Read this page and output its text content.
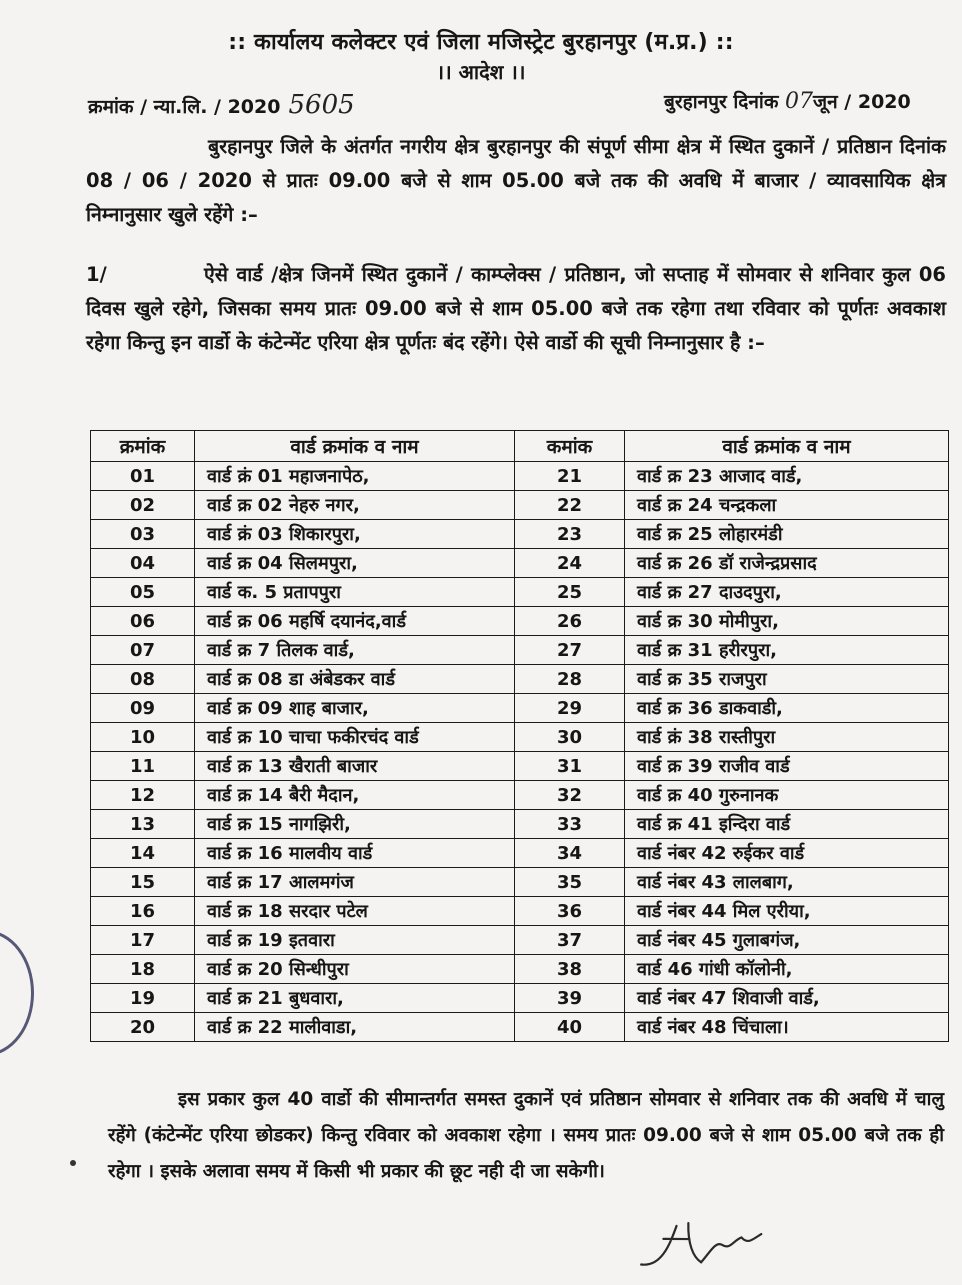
:: कार्यालय कलेक्टर एवं जिला मजिस्ट्रेट बुरहानपुर (म.प्र.) ::
।। आदेश ।।
क्रमांक / न्या.लि. / 2020 5605	बुरहानपुर दिनांक 07जून / 2020
बुरहानपुर जिले के अंतर्गत नगरीय क्षेत्र बुरहानपुर की संपूर्ण सीमा क्षेत्र में स्थित दुकानें / प्रतिष्ठान दिनांक 08 / 06 / 2020 से प्रातः 09.00 बजे से शाम 05.00 बजे तक की अवधि में बाजार / व्यावसायिक क्षेत्र निम्नानुसार खुले रहेंगे :–
1/	ऐसे वार्ड /क्षेत्र जिनमें स्थित दुकानें / काम्प्लेक्स / प्रतिष्ठान, जो सप्ताह में सोमवार से शनिवार कुल 06 दिवस खुले रहेगे, जिसका समय प्रातः 09.00 बजे से शाम 05.00 बजे तक रहेगा तथा रविवार को पूर्णतः अवकाश रहेगा किन्तु इन वार्डो के कंटेन्मेंट एरिया क्षेत्र पूर्णतः बंद रहेंगे। ऐसे वार्डो की सूची निम्नानुसार है :–
क्रमांक	वार्ड क्रमांक व नाम	कमांक	वार्ड क्रमांक व नाम
01	वार्ड क्रं 01 महाजनापेठ,	21	वार्ड क्र 23 आजाद वार्ड,
02	वार्ड क्र 02 नेहरु नगर,	22	वार्ड क्र 24 चन्द्रकला
03	वार्ड क्रं 03 शिकारपुरा,	23	वार्ड क्र 25 लोहारमंडी
04	वार्ड क्र 04 सिलमपुरा,	24	वार्ड क्र 26 डॉ राजेन्द्रप्रसाद
05	वार्ड क. 5 प्रतापपुरा	25	वार्ड क्र 27 दाउदपुरा,
06	वार्ड क्र 06 महर्षि दयानंद,वार्ड	26	वार्ड क्र 30 मोमीपुरा,
07	वार्ड क्र 7 तिलक वार्ड,	27	वार्ड क्र 31 हरीरपुरा,
08	वार्ड क्र 08 डा अंबेडकर वार्ड	28	वार्ड क्र 35 राजपुरा
09	वार्ड क्र 09 शाह बाजार,	29	वार्ड क्र 36 डाकवाडी,
10	वार्ड क्र 10 चाचा फकीरचंद वार्ड	30	वार्ड क्रं 38 रास्तीपुरा
11	वार्ड क्र 13 खैराती बाजार	31	वार्ड क्र 39 राजीव वार्ड
12	वार्ड क्र 14 बैरी मैदान,	32	वार्ड क्र 40 गुरुनानक
13	वार्ड क्र 15 नागझिरी,	33	वार्ड क्र 41 इन्दिरा वार्ड
14	वार्ड क्र 16 मालवीय वार्ड	34	वार्ड नंबर 42 रुईकर वार्ड
15	वार्ड क्र 17 आलमगंज	35	वार्ड नंबर 43 लालबाग,
16	वार्ड क्र 18 सरदार पटेल	36	वार्ड नंबर 44 मिल एरीया,
17	वार्ड क्र 19 इतवारा	37	वार्ड नंबर 45 गुलाबगंज,
18	वार्ड क्र 20 सिन्धीपुरा	38	वार्ड 46 गांधी कॉलोनी,
19	वार्ड क्र 21 बुधवारा,	39	वार्ड नंबर 47 शिवाजी वार्ड,
20	वार्ड क्र 22 मालीवाडा,	40	वार्ड नंबर 48 चिंचाला।
इस प्रकार कुल 40 वार्डो की सीमान्तर्गत समस्त दुकानें एवं प्रतिष्ठान सोमवार से शनिवार तक की अवधि में चालु रहेंगे (कंटेन्मेंट एरिया छोडकर) किन्तु रविवार को अवकाश रहेगा । समय प्रातः 09.00 बजे से शाम 05.00 बजे तक ही रहेगा । इसके अलावा समय में किसी भी प्रकार की छूट नही दी जा सकेगी।
